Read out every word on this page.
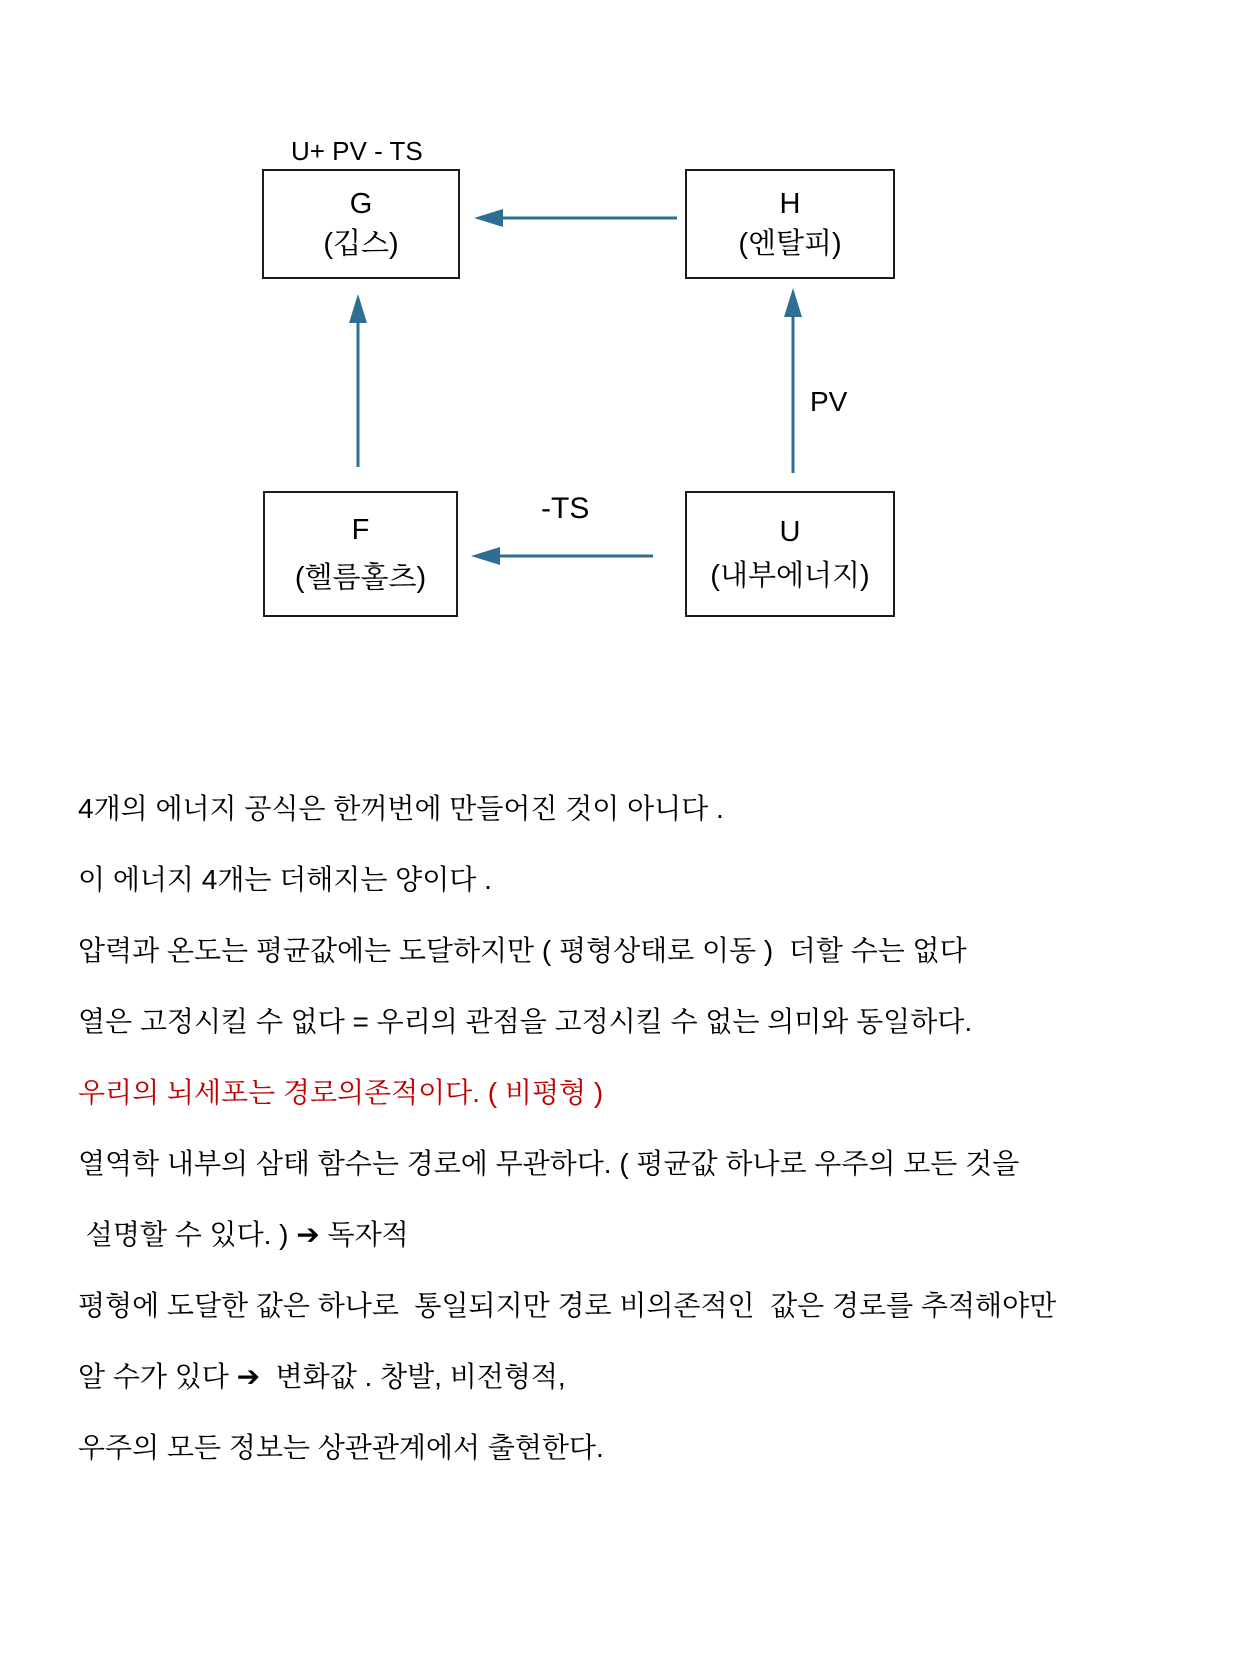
U+ PV - TS
G
(깁스)
H
(엔탈피)
F
(헬름홀츠)
U
(내부에너지)
PV
-TS

4개의 에너지 공식은 한꺼번에 만들어진 것이 아니다 .

이 에너지 4개는 더해지는 양이다 .

압력과 온도는 평균값에는 도달하지만 ( 평형상태로 이동 )  더할 수는 없다

열은 고정시킬 수 없다 = 우리의 관점을 고정시킬 수 없는 의미와 동일하다.

우리의 뇌세포는 경로의존적이다. ( 비평형 )

열역학 내부의 삼태 함수는 경로에 무관하다. ( 평균값 하나로 우주의 모든 것을

설명할 수 있다. ) ➔ 독자적

평형에 도달한 값은 하나로  통일되지만 경로 비의존적인  값은 경로를 추적해야만

알 수가 있다 ➔  변화값 . 창발, 비전형적,

우주의 모든 정보는 상관관계에서 출현한다.
